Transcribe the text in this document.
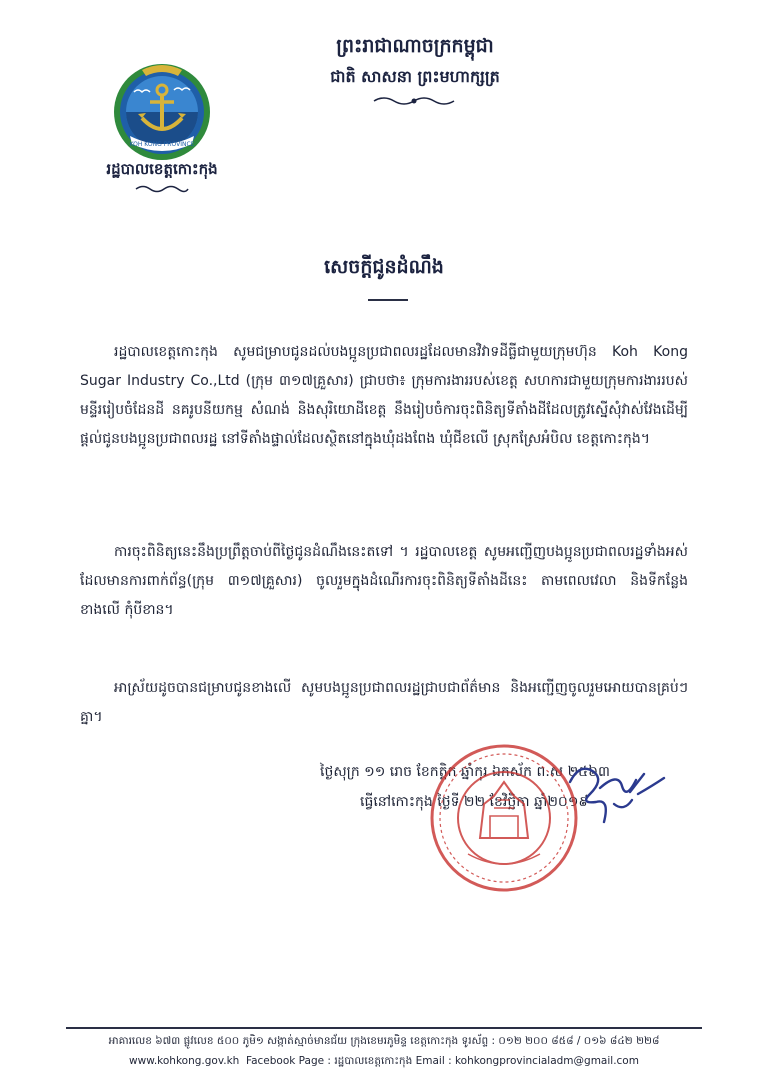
ព្រះរាជាណាចក្រកម្ពុជា
ជាតិ សាសនា ព្រះមហាក្សត្រ
KOH KONG PROVINCE
រដ្ឋបាលខេត្តកោះកុង
សេចក្តីជូនដំណឹង
រដ្ឋបាលខេត្តកោះកុង សូមជម្រាបជូនដល់បងប្អូនប្រជាពលរដ្ឋដែលមានវិវាទដីធ្លីជាមួយក្រុមហ៊ុន Koh Kong Sugar Industry Co.,Ltd (ក្រុម ៣១៧គ្រួសារ) ជ្រាបថា៖ ក្រុមការងាររបស់ខេត្ត សហការជាមួយក្រុមការងាររបស់មន្ទីររៀបចំដែនដី នគរូបនីយកម្ម សំណង់ និងសុរិយោដីខេត្ត នឹងរៀបចំការចុះពិនិត្យទីតាំងដីដែលត្រូវស្នើសុំវាស់វែងដើម្បីផ្តល់ជូនបងប្អូនប្រជាពលរដ្ឋ នៅទីតាំងផ្ទាល់ដែលស្ថិតនៅក្នុងឃុំដងពែង ឃុំជីខលើ ស្រុកស្រែអំបិល ខេត្តកោះកុង។
ការចុះពិនិត្យនេះនឹងប្រព្រឹត្តចាប់ពីថ្ងៃជូនដំណឹងនេះតទៅ ។ រដ្ឋបាលខេត្ត សូមអញ្ជើញបងប្អូនប្រជាពលរដ្ឋទាំងអស់ដែលមានការពាក់ព័ន្ធ(ក្រុម ៣១៧គ្រួសារ) ចូលរួមក្នុងដំណើរការចុះពិនិត្យទីតាំងដីនេះ តាមពេលវេលា និងទីកន្លែង ខាងលើ កុំបីខាន។
អាស្រ័យដូចបានជម្រាបជូនខាងលើ សូមបងប្អូនប្រជាពលរដ្ឋជ្រាបជាព័ត៌មាន និងអញ្ជើញចូលរួមអោយបានគ្រប់ៗគ្នា។
ថ្ងៃសុក្រ ១១ រោច ខែកត្តិក ឆ្នាំកុរ ឯកស័ក ព.ស ២៥៦៣
ធ្វើនៅកោះកុង ថ្ងៃទី ២២ ខែវិច្ឆិកា ឆ្នាំ២០១៩
អាគារលេខ ៦៧៣ ផ្លូវលេខ ៥០០ ភូមិ១ សង្កាត់ស្មាច់មានជ័យ ក្រុងខេមរភូមិន្ទ ខេត្តកោះកុង ទូរស័ព្ទ : ០១២ ២០០ ៨៥៨ / ០១៦ ៨៤២ ២២៨
www.kohkong.gov.kh Facebook Page : រដ្ឋបាលខេត្តកោះកុង Email : kohkongprovincialadm@gmail.com
